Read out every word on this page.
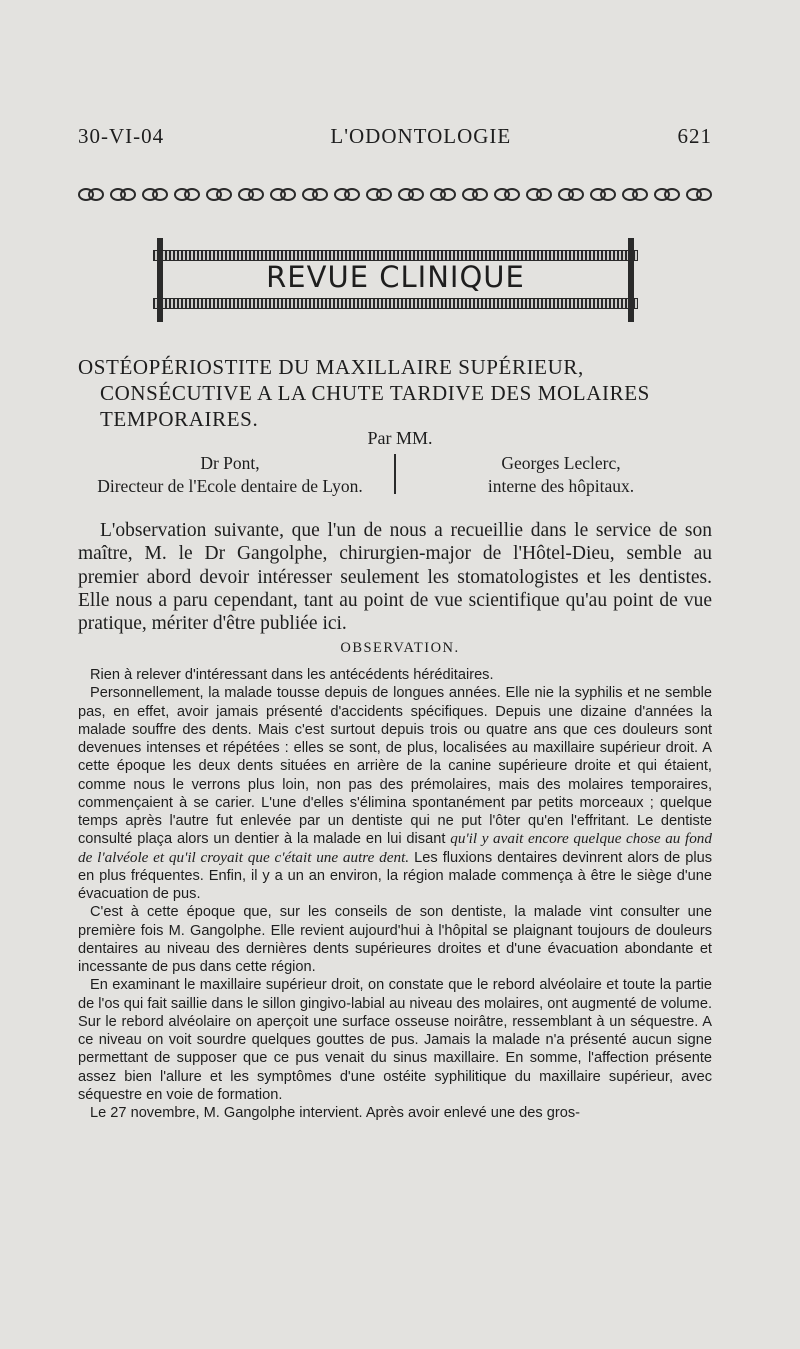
30-VI-04	L'ODONTOLOGIE	621
REVUE CLINIQUE
OSTÉOPÉRIOSTITE DU MAXILLAIRE SUPÉRIEUR, CONSÉCUTIVE A LA CHUTE TARDIVE DES MOLAIRES TEMPORAIRES.
Par MM.
Dr Pont,
Directeur de l'Ecole dentaire de Lyon.
Georges Leclerc,
interne des hôpitaux.

L'observation suivante, que l'un de nous a recueillie dans le service de son maître, M. le Dr Gangolphe, chirurgien-major de l'Hôtel-Dieu, semble au premier abord devoir intéresser seulement les stomatologistes et les dentistes. Elle nous a paru cependant, tant au point de vue scientifique qu'au point de vue pratique, mériter d'être publiée ici.

OBSERVATION.

Rien à relever d'intéressant dans les antécédents héréditaires.

Personnellement, la malade tousse depuis de longues années. Elle nie la syphilis et ne semble pas, en effet, avoir jamais présenté d'accidents spécifiques. Depuis une dizaine d'années la malade souffre des dents. Mais c'est surtout depuis trois ou quatre ans que ces douleurs sont devenues intenses et répétées : elles se sont, de plus, localisées au maxillaire supérieur droit. A cette époque les deux dents situées en arrière de la canine supérieure droite et qui étaient, comme nous le verrons plus loin, non pas des prémolaires, mais des molaires temporaires, commençaient à se carier. L'une d'elles s'élimina spontanément par petits morceaux ; quelque temps après l'autre fut enlevée par un dentiste qui ne put l'ôter qu'en l'effritant. Le dentiste consulté plaça alors un dentier à la malade en lui disant qu'il y avait encore quelque chose au fond de l'alvéole et qu'il croyait que c'était une autre dent. Les fluxions dentaires devinrent alors de plus en plus fréquentes. Enfin, il y a un an environ, la région malade commença à être le siège d'une évacuation de pus.

C'est à cette époque que, sur les conseils de son dentiste, la malade vint consulter une première fois M. Gangolphe. Elle revient aujourd'hui à l'hôpital se plaignant toujours de douleurs dentaires au niveau des dernières dents supérieures droites et d'une évacuation abondante et incessante de pus dans cette région.

En examinant le maxillaire supérieur droit, on constate que le rebord alvéolaire et toute la partie de l'os qui fait saillie dans le sillon gingivo-labial au niveau des molaires, ont augmenté de volume. Sur le rebord alvéolaire on aperçoit une surface osseuse noirâtre, ressemblant à un séquestre. A ce niveau on voit sourdre quelques gouttes de pus. Jamais la malade n'a présenté aucun signe permettant de supposer que ce pus venait du sinus maxillaire. En somme, l'affection présente assez bien l'allure et les symptômes d'une ostéite syphilitique du maxillaire supérieur, avec séquestre en voie de formation.

Le 27 novembre, M. Gangolphe intervient. Après avoir enlevé une des gros-
